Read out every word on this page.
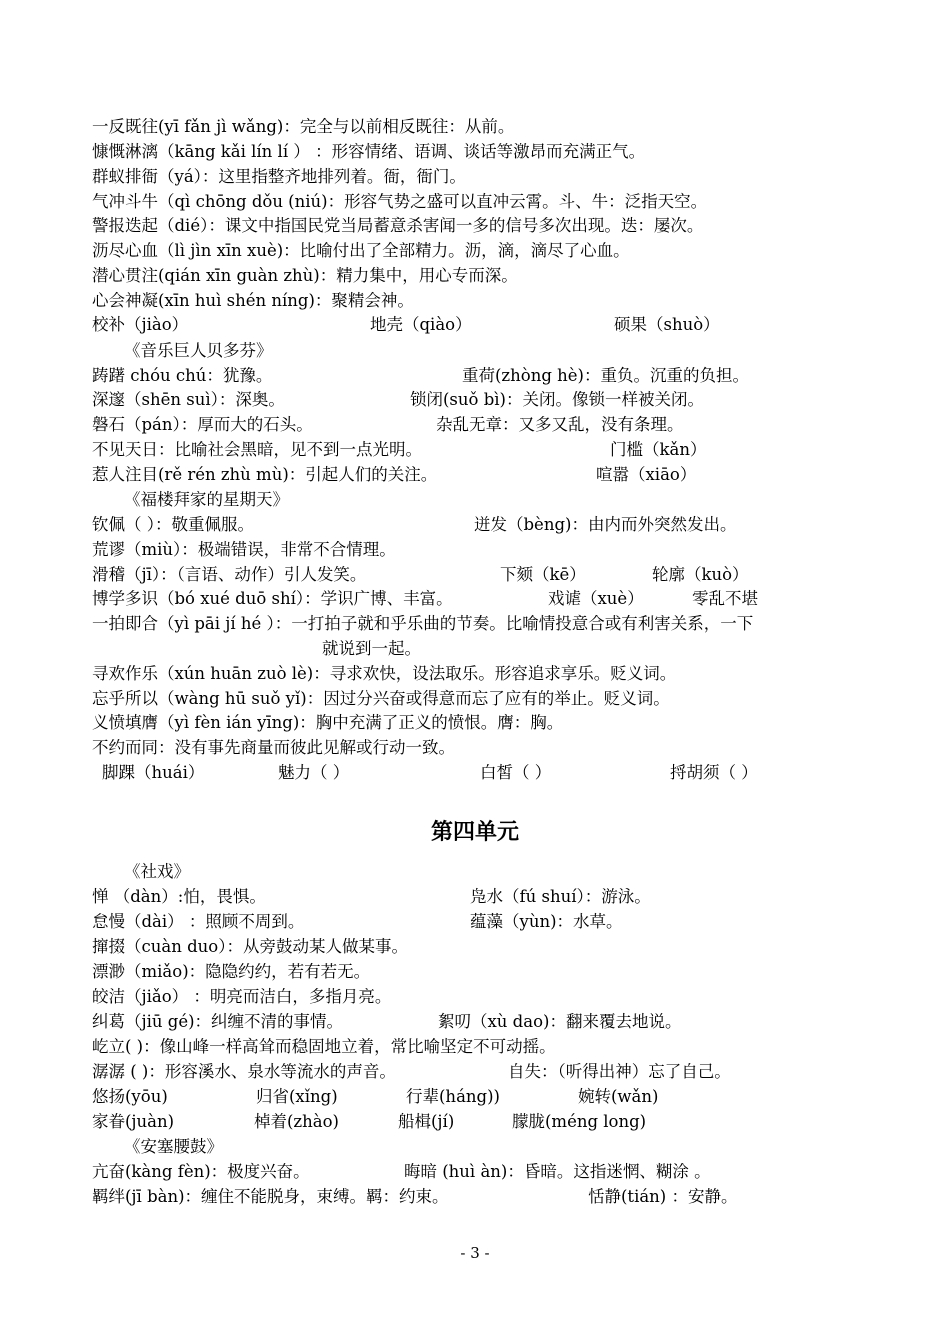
一反既往(yī fǎn jì wǎng)：完全与以前相反既往：从前。
慷慨淋漓（kāng kǎi lín lí ） ：形容情绪、语调、谈话等激昂而充满正气。
群蚁排衙（yá）：这里指整齐地排列着。衙，衙门。
气冲斗牛（qì chōng dǒu (niú)：形容气势之盛可以直冲云霄。斗、牛：泛指天空。
警报迭起（dié）：课文中指国民党当局蓄意杀害闻一多的信号多次出现。迭：屡次。
沥尽心血（lì jìn xīn xuè)：比喻付出了全部精力。沥，滴，滴尽了心血。
潜心贯注(qián xīn guàn zhù)：精力集中，用心专而深。
心会神凝(xīn huì shén níng)：聚精会神。
校补（jiào）	地壳（qiào）	硕果（shuò）
《音乐巨人贝多芬》
踌躇 chóu chú：犹豫。	重荷(zhòng hè)：重负。沉重的负担。
深邃（shēn suì）：深奥。	锁闭(suǒ bì)：关闭。像锁一样被关闭。
磐石（pán）：厚而大的石头。	杂乱无章：又多又乱，没有条理。
不见天日：比喻社会黑暗，见不到一点光明。	门槛（kǎn）
惹人注目(rě rén zhù mù)：引起人们的关注。	喧嚣（xiāo）
《福楼拜家的星期天》
钦佩（ ）：敬重佩服。	迸发（bèng)：由内而外突然发出。
荒谬（miù）：极端错误，非常不合情理。
滑稽（jī）：（言语、动作）引人发笑。	下颏（kē）	轮廓（kuò）
博学多识（bó xué duō shí）：学识广博、丰富。	戏谑（xuè）	零乱不堪
一拍即合（yì pāi jí hé ）：一打拍子就和乎乐曲的节奏。比喻情投意合或有利害关系，一下
就说到一起。
寻欢作乐（xún huān zuò lè)：寻求欢快，设法取乐。形容追求享乐。贬义词。
忘乎所以（wàng hū suǒ yǐ)：因过分兴奋或得意而忘了应有的举止。贬义词。
义愤填膺（yì fèn ián yīng)：胸中充满了正义的愤恨。膺：胸。
不约而同：没有事先商量而彼此见解或行动一致。
脚踝（huái）	魅力（ ）	白皙（ ）	捋胡须（ ）
第四单元
《社戏》
惮 （dàn）:怕，畏惧。	凫水（fú shuí）：游泳。
怠慢（dài） ：照顾不周到。	蕴藻（yùn)：水草。
撺掇（cuàn duo）：从旁鼓动某人做某事。
漂渺（miǎo)：隐隐约约，若有若无。
皎洁（jiǎo） ：明亮而洁白，多指月亮。
纠葛（jiū gé)：纠缠不清的事情。	絮叨（xù dao)：翻来覆去地说。
屹立( )：像山峰一样高耸而稳固地立着，常比喻坚定不可动摇。
潺潺 ( )：形容溪水、泉水等流水的声音。	自失：（听得出神）忘了自己。
悠扬(yōu)	归省(xǐng)	行辈(háng))	婉转(wǎn)
家眷(juàn)	棹着(zhào)	船楫(jí)	朦胧(méng long)
《安塞腰鼓》
亢奋(kàng fèn)：极度兴奋。	晦暗 (huì àn)：昏暗。这指迷惘、糊涂 。
羁绊(jī bàn)：缠住不能脱身，束缚。羁：约束。	恬静(tián) ：安静。
- 3 -
